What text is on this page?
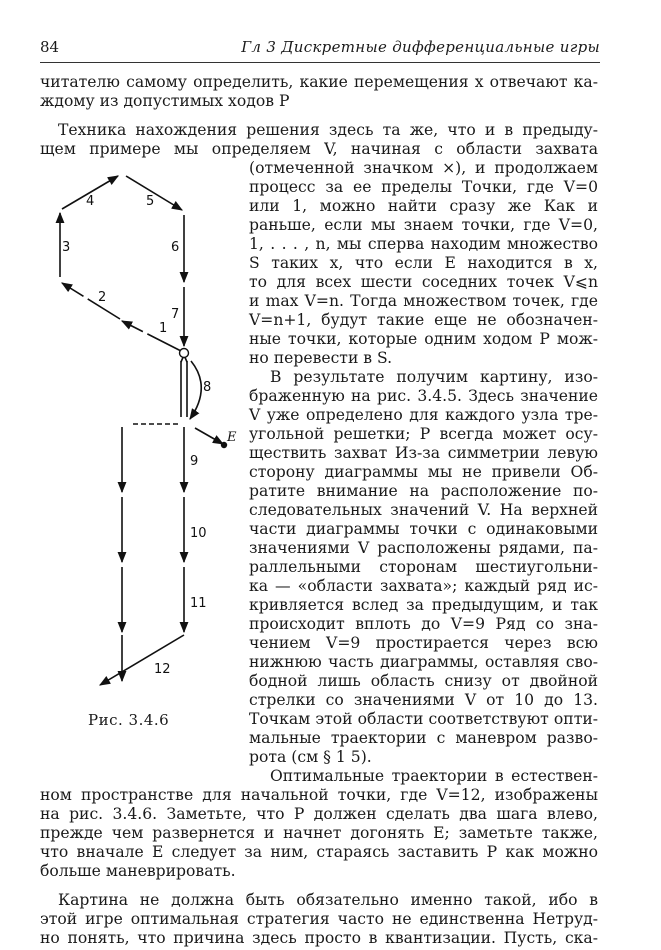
84	Гл 3 Дискретные дифференциальные игры
читателю самому определить, какие перемещения x отвечают ка-
ждому из допустимых ходов P
Техника нахождения решения здесь та же, что и в предыду-
щем примере мы определяем V, начиная с области захвата
(отмеченной значком ×), и продолжаем
процесс за ее пределы Точки, где V=0
или 1, можно найти сразу же Как и
раньше, если мы знаем точки, где V=0,
1, . . . , n, мы сперва находим множество
S таких x, что если E находится в x,
то для всех шести соседних точек V⩽n
и max V=n. Тогда множеством точек, где
V=n+1, будут такие еще не обозначен-
ные точки, которые одним ходом P мож-
но перевести в S.
В результате получим картину, изо-
браженную на рис. 3.4.5. Здесь значение
V уже определено для каждого узла тре-
угольной решетки; P всегда может осу-
ществить захват Из-за симметрии левую
сторону диаграммы мы не привели Об-
ратите внимание на расположение по-
следовательных значений V. На верхней
части диаграммы точки с одинаковыми
значениями V расположены рядами, па-
раллельными сторонам шестиугольни-
ка — «области захвата»; каждый ряд ис-
кривляется вслед за предыдущим, и так
происходит вплоть до V=9 Ряд со зна-
чением V=9 простирается через всю
нижнюю часть диаграммы, оставляя сво-
бодной лишь область снизу от двойной
стрелки со значениями V от 10 до 13.
Точкам этой области соответствуют опти-
мальные траектории с маневром разво-
рота (см § 1 5).
Оптимальные траектории в естествен-
ном пространстве для начальной точки, где V=12, изображены
на рис. 3.4.6. Заметьте, что P должен сделать два шага влево,
прежде чем развернется и начнет догонять E; заметьте также,
что вначале E следует за ним, стараясь заставить P как можно
больше маневрировать.
Картина не должна быть обязательно именно такой, ибо в
этой игре оптимальная стратегия часто не единственна Нетруд-
но понять, что причина здесь просто в квантизации. Пусть, ска-
1
2
3
4	5
6
7
8
9
10
11
12
E
Рис. 3.4.6
